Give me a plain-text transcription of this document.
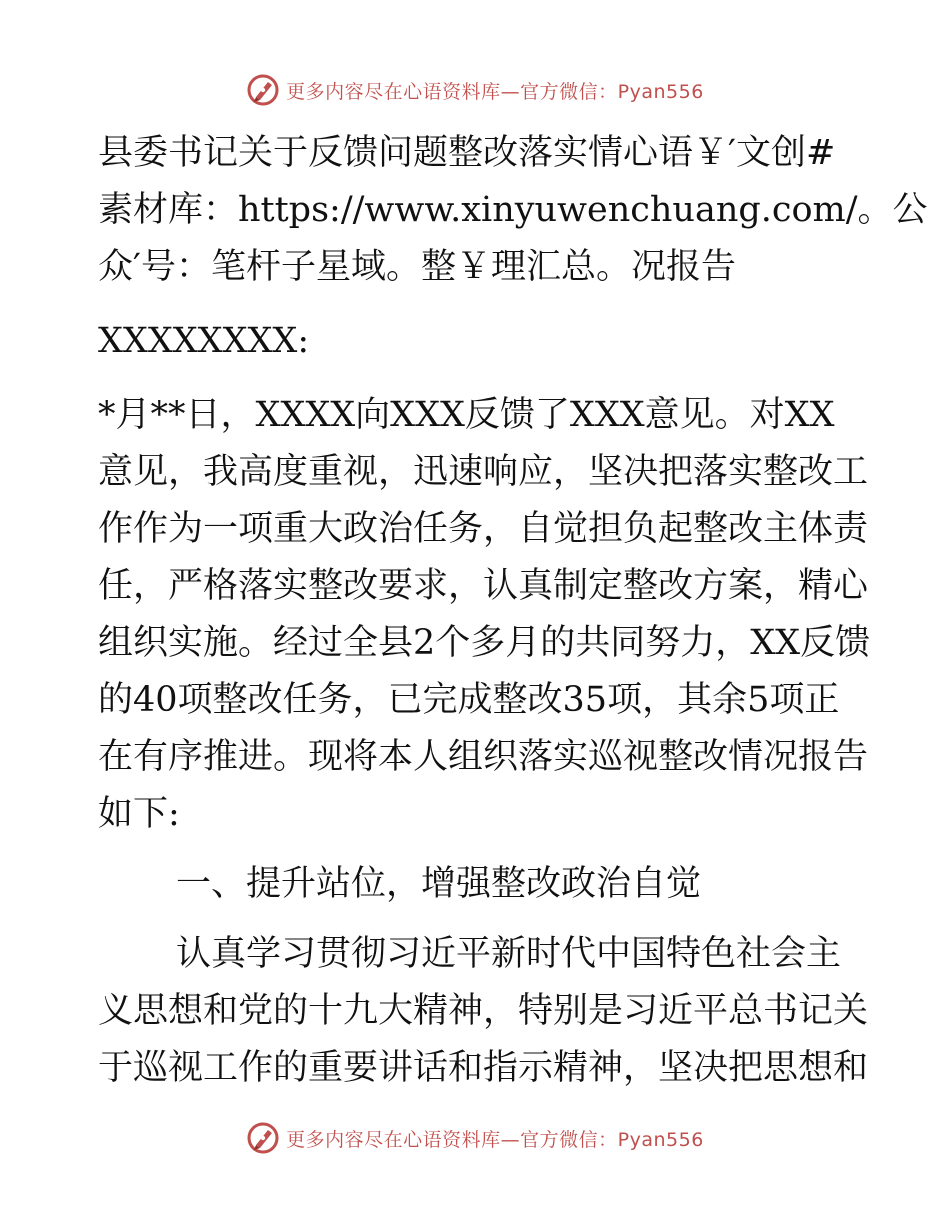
更多内容尽在心语资料库—官方微信：Pyan556
县委书记关于反馈问题整改落实情心语￥′文创#
素材库：https://www.xinyuwenchuang.com/。公
众′号：笔杆子星域。整￥理汇总。况报告
XXXXXXXX:
*月**日，XXXX向XXX反馈了XXX意见。对XX
意见，我高度重视，迅速响应，坚决把落实整改工
作作为一项重大政治任务，自觉担负起整改主体责
任，严格落实整改要求，认真制定整改方案，精心
组织实施。经过全县2个多月的共同努力，XX反馈
的40项整改任务，已完成整改35项，其余5项正
在有序推进。现将本人组织落实巡视整改情况报告
如下:
一、提升站位，增强整改政治自觉
认真学习贯彻习近平新时代中国特色社会主
义思想和党的十九大精神，特别是习近平总书记关
于巡视工作的重要讲话和指示精神，坚决把思想和
更多内容尽在心语资料库—官方微信：Pyan556
